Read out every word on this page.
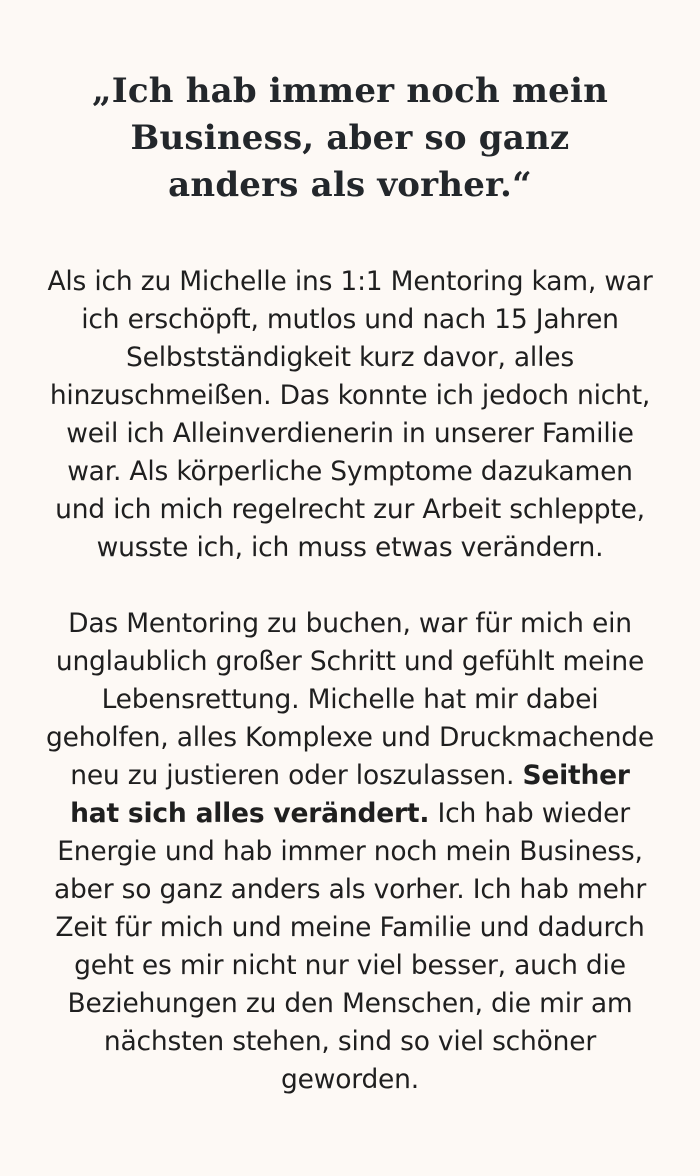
„Ich hab immer noch mein Business, aber so ganz anders als vorher.“

Als ich zu Michelle ins 1:1 Mentoring kam, war ich erschöpft, mutlos und nach 15 Jahren Selbstständigkeit kurz davor, alles hinzuschmeißen. Das konnte ich jedoch nicht, weil ich Alleinverdienerin in unserer Familie war. Als körperliche Symptome dazukamen und ich mich regelrecht zur Arbeit schleppte, wusste ich, ich muss etwas verändern.

Das Mentoring zu buchen, war für mich ein unglaublich großer Schritt und gefühlt meine Lebensrettung. Michelle hat mir dabei geholfen, alles Komplexe und Druckmachende neu zu justieren oder loszulassen. Seither hat sich alles verändert. Ich hab wieder Energie und hab immer noch mein Business, aber so ganz anders als vorher. Ich hab mehr Zeit für mich und meine Familie und dadurch geht es mir nicht nur viel besser, auch die Beziehungen zu den Menschen, die mir am nächsten stehen, sind so viel schöner geworden.
